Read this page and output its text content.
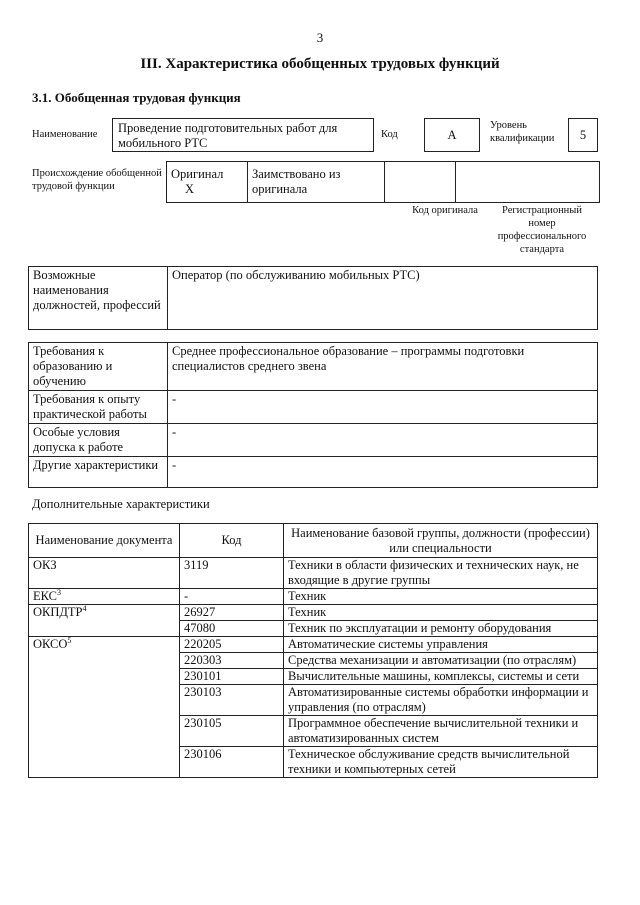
3
III. Характеристика обобщенных трудовых функций
3.1. Обобщенная трудовая функция
Наименование	Проведение подготовительных работ для мобильного РТС
Код	А
Уровень квалификации	5
Происхождение обобщенной трудовой функции
Оригинал X	Заимствовано из оригинала		
Код оригинала	Регистрационный номер профессионального стандарта
Возможные наименования должностей, профессий	Оператор (по обслуживанию мобильных РТС)
Требования к образованию и обучению	Среднее профессиональное образование – программы подготовки специалистов среднего звена
Требования к опыту практической работы	-
Особые условия допуска к работе	-
Другие характеристики	-
Дополнительные характеристики
Наименование документа	Код	Наименование базовой группы, должности (профессии) или специальности
ОКЗ	3119	Техники в области физических и технических наук, не входящие в другие группы
ЕКС$^3$	-	Техник
ОКПДТР$^4$	26927	Техник
	47080	Техник по эксплуатации и ремонту оборудования
ОКСО$^5$	220205	Автоматические системы управления
	220303	Средства механизации и автоматизации (по отраслям)
	230101	Вычислительные машины, комплексы, системы и сети
	230103	Автоматизированные системы обработки информации и управления (по отраслям)
	230105	Программное обеспечение вычислительной техники и автоматизированных систем
	230106	Техническое обслуживание средств вычислительной техники и компьютерных сетей
